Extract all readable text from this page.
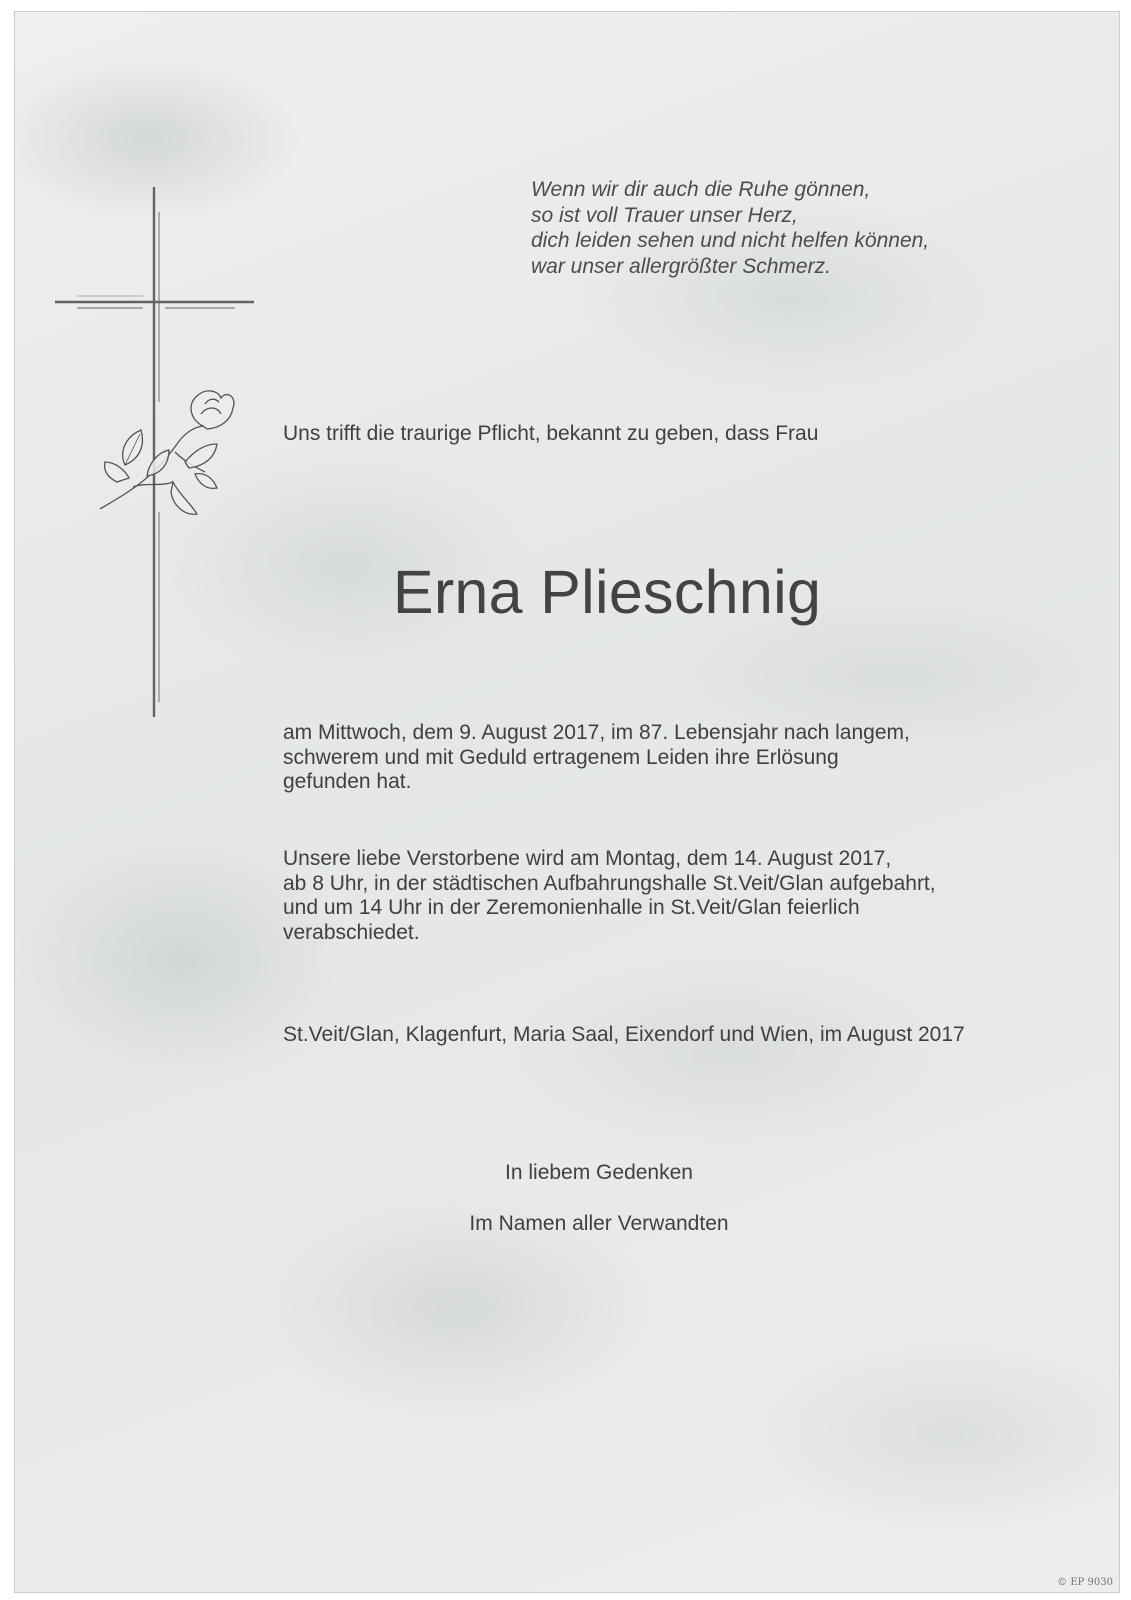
Wenn wir dir auch die Ruhe gönnen,
so ist voll Trauer unser Herz,
dich leiden sehen und nicht helfen können,
war unser allergrößter Schmerz.
Uns trifft die traurige Pflicht, bekannt zu geben, dass Frau
Erna Plieschnig
am Mittwoch, dem 9. August 2017, im 87. Lebensjahr nach langem,
schwerem und mit Geduld ertragenem Leiden ihre Erlösung
gefunden hat.
Unsere liebe Verstorbene wird am Montag, dem 14. August 2017,
ab 8 Uhr, in der städtischen Aufbahrungshalle St.Veit/Glan aufgebahrt,
und um 14 Uhr in der Zeremonienhalle in St.Veit/Glan feierlich
verabschiedet.
St.Veit/Glan, Klagenfurt, Maria Saal, Eixendorf und Wien, im August 2017
In liebem Gedenken
Im Namen aller Verwandten
© EP 9030
